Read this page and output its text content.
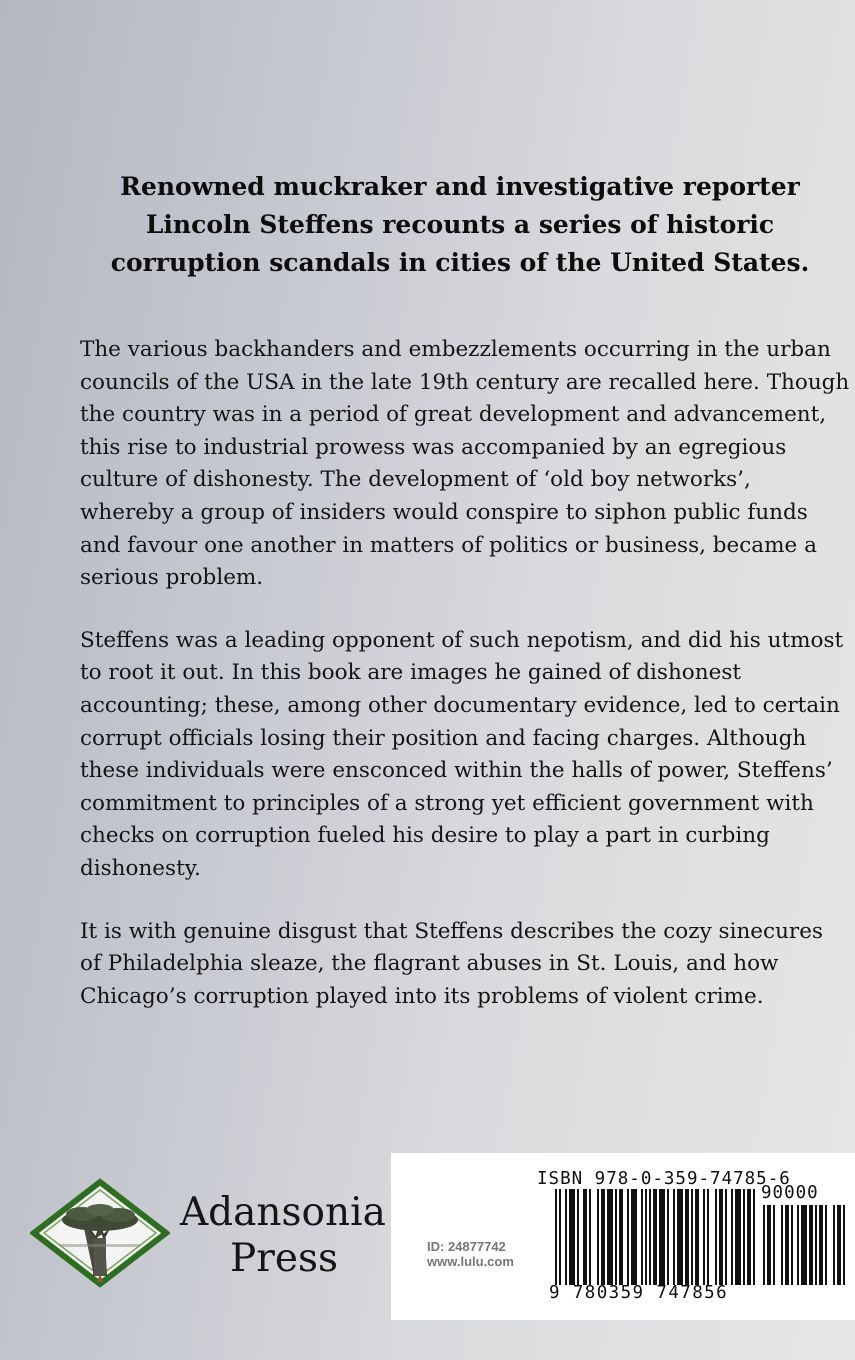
Renowned muckraker and investigative reporter Lincoln Steffens recounts a series of historic corruption scandals in cities of the United States.

The various backhanders and embezzlements occurring in the urban councils of the USA in the late 19th century are recalled here. Though the country was in a period of great development and advancement, this rise to industrial prowess was accompanied by an egregious culture of dishonesty. The development of ‘old boy networks’, whereby a group of insiders would conspire to siphon public funds and favour one another in matters of politics or business, became a serious problem.

Steffens was a leading opponent of such nepotism, and did his utmost to root it out. In this book are images he gained of dishonest accounting; these, among other documentary evidence, led to certain corrupt officials losing their position and facing charges. Although these individuals were ensconced within the halls of power, Steffens’ commitment to principles of a strong yet efficient government with checks on corruption fueled his desire to play a part in curbing dishonesty.

It is with genuine disgust that Steffens describes the cozy sinecures of Philadelphia sleaze, the flagrant abuses in St. Louis, and how Chicago’s corruption played into its problems of violent crime.

Adansonia
Press
ISBN 978-0-359-74785-6
90000
ID: 24877742
www.lulu.com
9 780359 747856
